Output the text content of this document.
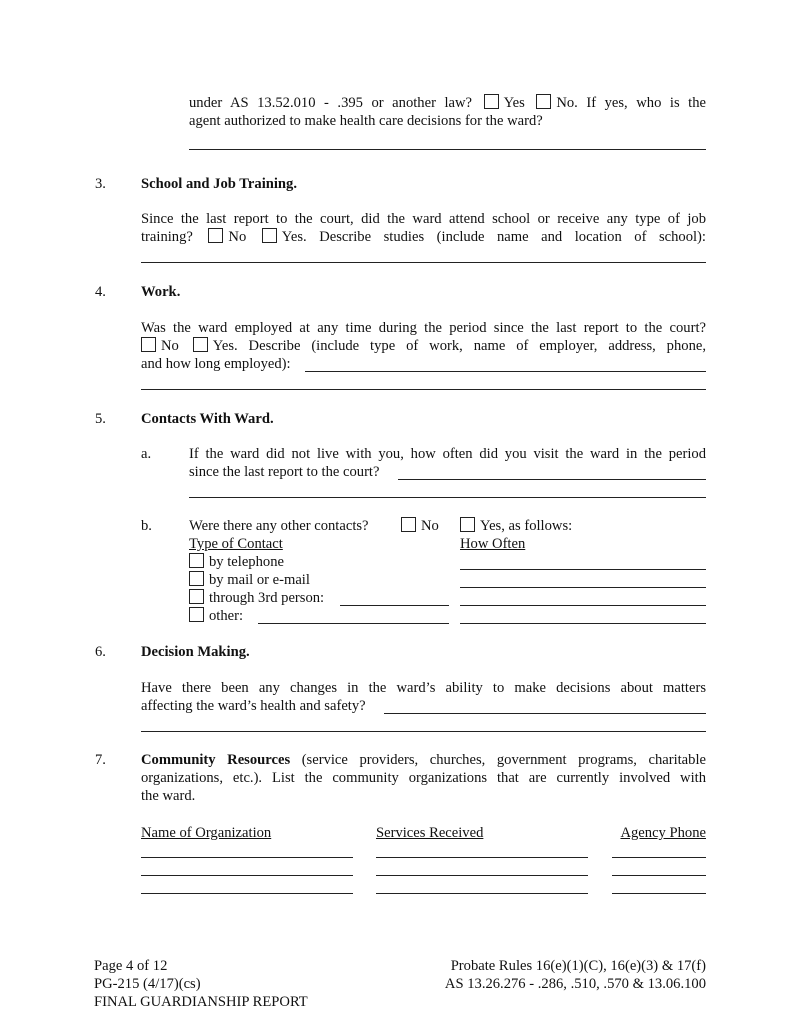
under AS 13.52.010 - .395 or another law? Yes No. If yes, who is the
agent authorized to make health care decisions for the ward?
3. School and Job Training.
Since the last report to the court, did the ward attend school or receive any type of job
training? No Yes. Describe studies (include name and location of school):
4. Work.
Was the ward employed at any time during the period since the last report to the court?
No Yes. Describe (include type of work, name of employer, address, phone,
and how long employed):
5. Contacts With Ward.
a.	If the ward did not live with you, how often did you visit the ward in the period
since the last report to the court?
b.	Were there any other contacts?	No	Yes, as follows:
Type of Contact	How Often
by telephone
by mail or e-mail
through 3rd person:
other:
6. Decision Making.
Have there been any changes in the ward’s ability to make decisions about matters
affecting the ward’s health and safety?
7. Community Resources (service providers, churches, government programs, charitable
organizations, etc.). List the community organizations that are currently involved with
the ward.
Name of Organization	Services Received	Agency Phone
Page 4 of 12
PG-215 (4/17)(cs)
FINAL GUARDIANSHIP REPORT
Probate Rules 16(e)(1)(C), 16(e)(3) & 17(f)
AS 13.26.276 - .286, .510, .570 & 13.06.100
